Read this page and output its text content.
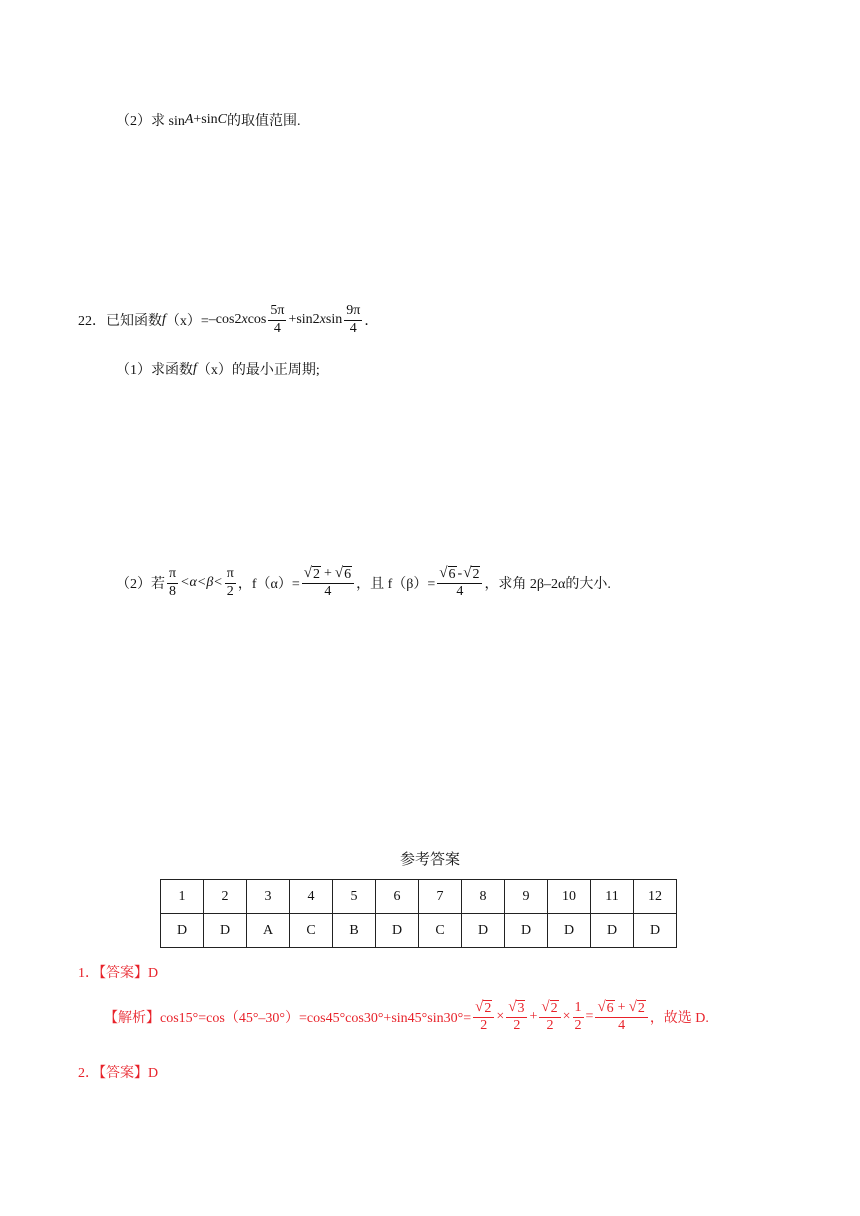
（2）求 sin A +sin C 的取值范围.
22．已知函数 f （x）= –cos2 x $\cos \frac{5\pi}{4} +\sin 2$ x $\sin \frac{9\pi}{4}$ ．
（1）求函数 f （x）的最小正周期;
（2）若 $\frac{\pi}{8} <\alpha<\beta< \frac{\pi}{2}$ ，$f(\alpha)= \frac{√ 2 + √ 6}{4}$ ，且 $f(\beta)= \frac{√ 6 - √ 2}{4}$ ，求角 2β–2α的大小.
参考答案
1	2	3	4	5	6	7	8	9	10	11	12
D	D	A	C	B	D	C	D	D	D	D	D
1．【答案】D
【解析】 $\cos 15^\circ=\cos(45^\circ-30^\circ)=\cos 45^\circ\cos 30^\circ+\sin 45^\circ\sin 30^\circ= \frac{√ 2}{2} \times \frac{√ 3}{2} + \frac{√ 2}{2} \times \frac{1}{2} = \frac{√ 6 + √ 2}{4}$ ，故选 D.
2．【答案】D
